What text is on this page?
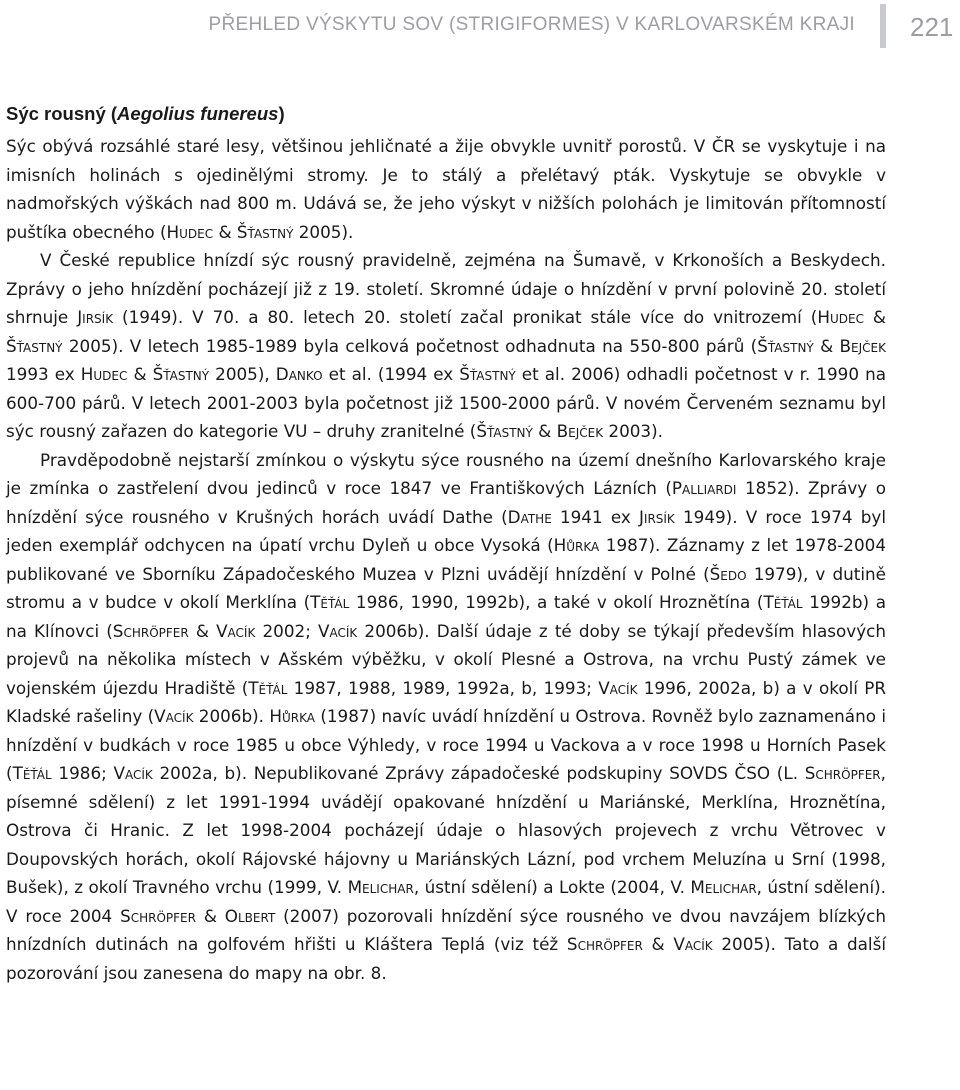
PŘEHLED VÝSKYTU SOV (STRIGIFORMES) V KARLOVARSKÉM KRAJI 221
Sýc rousný (Aegolius funereus)

Sýc obývá rozsáhlé staré lesy, většinou jehličnaté a žije obvykle uvnitř porostů. V ČR se vyskytuje i na imisních holinách s ojedinělými stromy. Je to stálý a přelétavý pták. Vyskytuje se obvykle v nadmořských výškách nad 800 m. Udává se, že jeho výskyt v nižších polohách je limitován přítomností puštíka obecného (Hudec & Šťastný 2005).

V České republice hnízdí sýc rousný pravidelně, zejména na Šumavě, v Krkonoších a Beskydech. Zprávy o jeho hnízdění pocházejí již z 19. století. Skromné údaje o hnízdění v první polovině 20. století shrnuje Jirsík (1949). V 70. a 80. letech 20. století začal pronikat stále více do vnitrozemí (Hudec & Šťastný 2005). V letech 1985-1989 byla celková početnost odhadnuta na 550-800 párů (Šťastný & Bejček 1993 ex Hudec & Šťastný 2005), Danko et al. (1994 ex Šťastný et al. 2006) odhadli početnost v r. 1990 na 600-700 párů. V letech 2001-2003 byla početnost již 1500-2000 párů. V novém Červeném seznamu byl sýc rousný zařazen do kategorie VU – druhy zranitelné (Šťastný & Bejček 2003).

Pravděpodobně nejstarší zmínkou o výskytu sýce rousného na území dnešního Karlovarského kraje je zmínka o zastřelení dvou jedinců v roce 1847 ve Františkových Lázních (Palliardi 1852). Zprávy o hnízdění sýce rousného v Krušných horách uvádí Dathe (Dathe 1941 ex Jirsík 1949). V roce 1974 byl jeden exemplář odchycen na úpatí vrchu Dyleň u obce Vysoká (Hůrka 1987). Záznamy z let 1978-2004 publikované ve Sborníku Západočeského Muzea v Plzni uvádějí hnízdění v Polné (Šedo 1979), v dutině stromu a v budce v okolí Merklína (Těťál 1986, 1990, 1992b), a také v okolí Hroznětína (Těťál 1992b) a na Klínovci (Schröpfer & Vacík 2002; Vacík 2006b). Další údaje z té doby se týkají především hlasových projevů na několika místech v Ašském výběžku, v okolí Plesné a Ostrova, na vrchu Pustý zámek ve vojenském újezdu Hradiště (Těťál 1987, 1988, 1989, 1992a, b, 1993; Vacík 1996, 2002a, b) a v okolí PR Kladské rašeliny (Vacík 2006b). Hůrka (1987) navíc uvádí hnízdění u Ostrova. Rovněž bylo zaznamenáno i hnízdění v budkách v roce 1985 u obce Výhledy, v roce 1994 u Vackova a v roce 1998 u Horních Pasek (Těťál 1986; Vacík 2002a, b). Nepublikované Zprávy západočeské podskupiny SOVDS ČSO (L. Schröpfer, písemné sdělení) z let 1991-1994 uvádějí opakované hnízdění u Mariánské, Merklína, Hroznětína, Ostrova či Hranic. Z let 1998-2004 pocházejí údaje o hlasových projevech z vrchu Větrovec v Doupovských horách, okolí Rájovské hájovny u Mariánských Lázní, pod vrchem Meluzína u Srní (1998, Bušek), z okolí Travného vrchu (1999, V. Melichar, ústní sdělení) a Lokte (2004, V. Melichar, ústní sdělení). V roce 2004 Schröpfer & Olbert (2007) pozorovali hnízdění sýce rousného ve dvou navzájem blízkých hnízdních dutinách na golfovém hřišti u Kláštera Teplá (viz též Schröpfer & Vacík 2005). Tato a další pozorování jsou zanesena do mapy na obr. 8.
